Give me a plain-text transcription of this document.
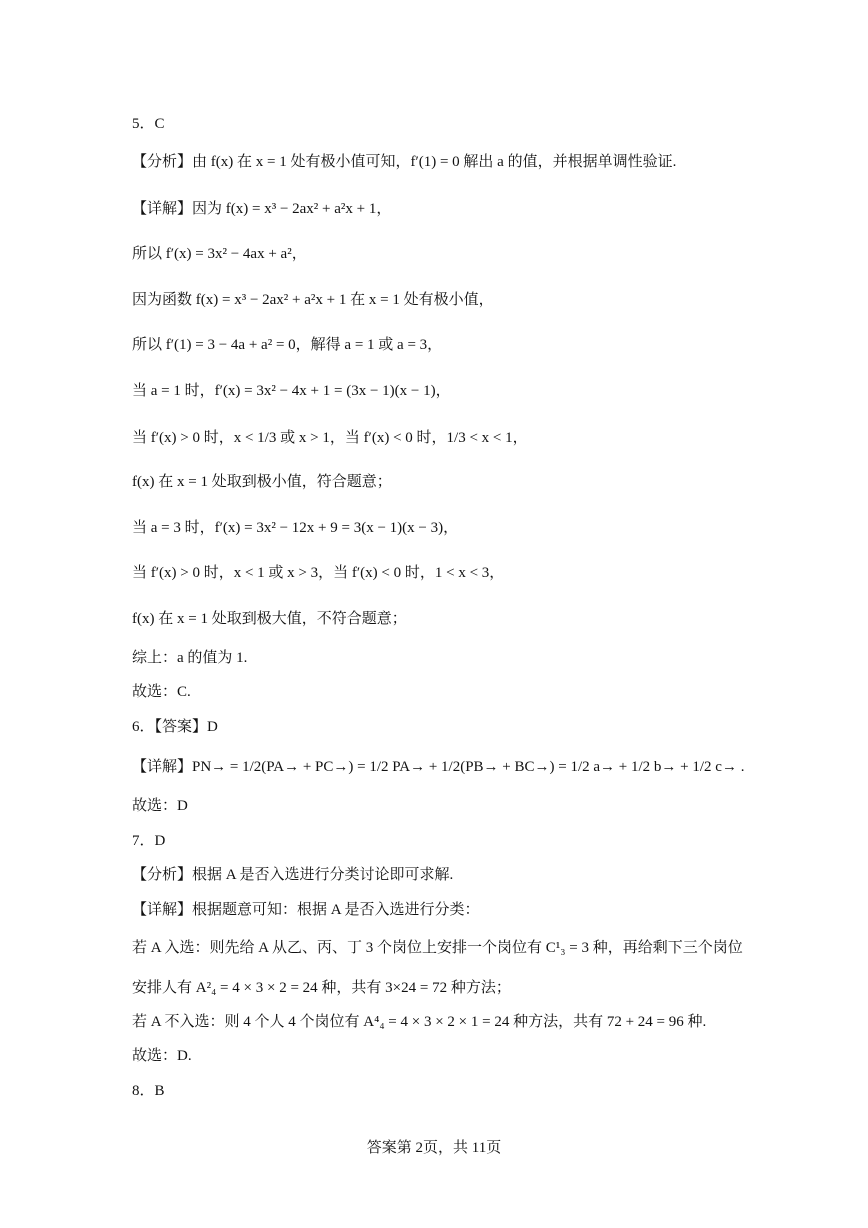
5．C
【分析】由 f(x) 在 x = 1 处有极小值可知，f′(1) = 0 解出 a 的值，并根据单调性验证.
【详解】因为 f(x) = x³ − 2ax² + a²x + 1，
所以 f′(x) = 3x² − 4ax + a²，
因为函数 f(x) = x³ − 2ax² + a²x + 1 在 x = 1 处有极小值，
所以 f′(1) = 3 − 4a + a² = 0，解得 a = 1 或 a = 3，
当 a = 1 时，f′(x) = 3x² − 4x + 1 = (3x − 1)(x − 1)，
当 f′(x) > 0 时，x < 1/3 或 x > 1，当 f′(x) < 0 时，1/3 < x < 1，
f(x) 在 x = 1 处取到极小值，符合题意；
当 a = 3 时，f′(x) = 3x² − 12x + 9 = 3(x − 1)(x − 3)，
当 f′(x) > 0 时，x < 1 或 x > 3，当 f′(x) < 0 时，1 < x < 3，
f(x) 在 x = 1 处取到极大值，不符合题意；
综上：a 的值为 1.
故选：C.
6．【答案】D
【详解】PN→ = 1/2(PA→ + PC→) = 1/2 PA→ + 1/2(PB→ + BC→) = 1/2 a→ + 1/2 b→ + 1/2 c→ .
故选：D
7．D
【分析】根据 A 是否入选进行分类讨论即可求解.
【详解】根据题意可知：根据 A 是否入选进行分类：
若 A 入选：则先给 A 从乙、丙、丁 3 个岗位上安排一个岗位有 C¹₃ = 3 种，再给剩下三个岗位
安排人有 A²₄ = 4 × 3 × 2 = 24 种，共有 3×24 = 72 种方法；
若 A 不入选：则 4 个人 4 个岗位有 A⁴₄ = 4 × 3 × 2 × 1 = 24 种方法，共有 72 + 24 = 96 种.
故选：D.
8．B
答案第 2页，共 11页
